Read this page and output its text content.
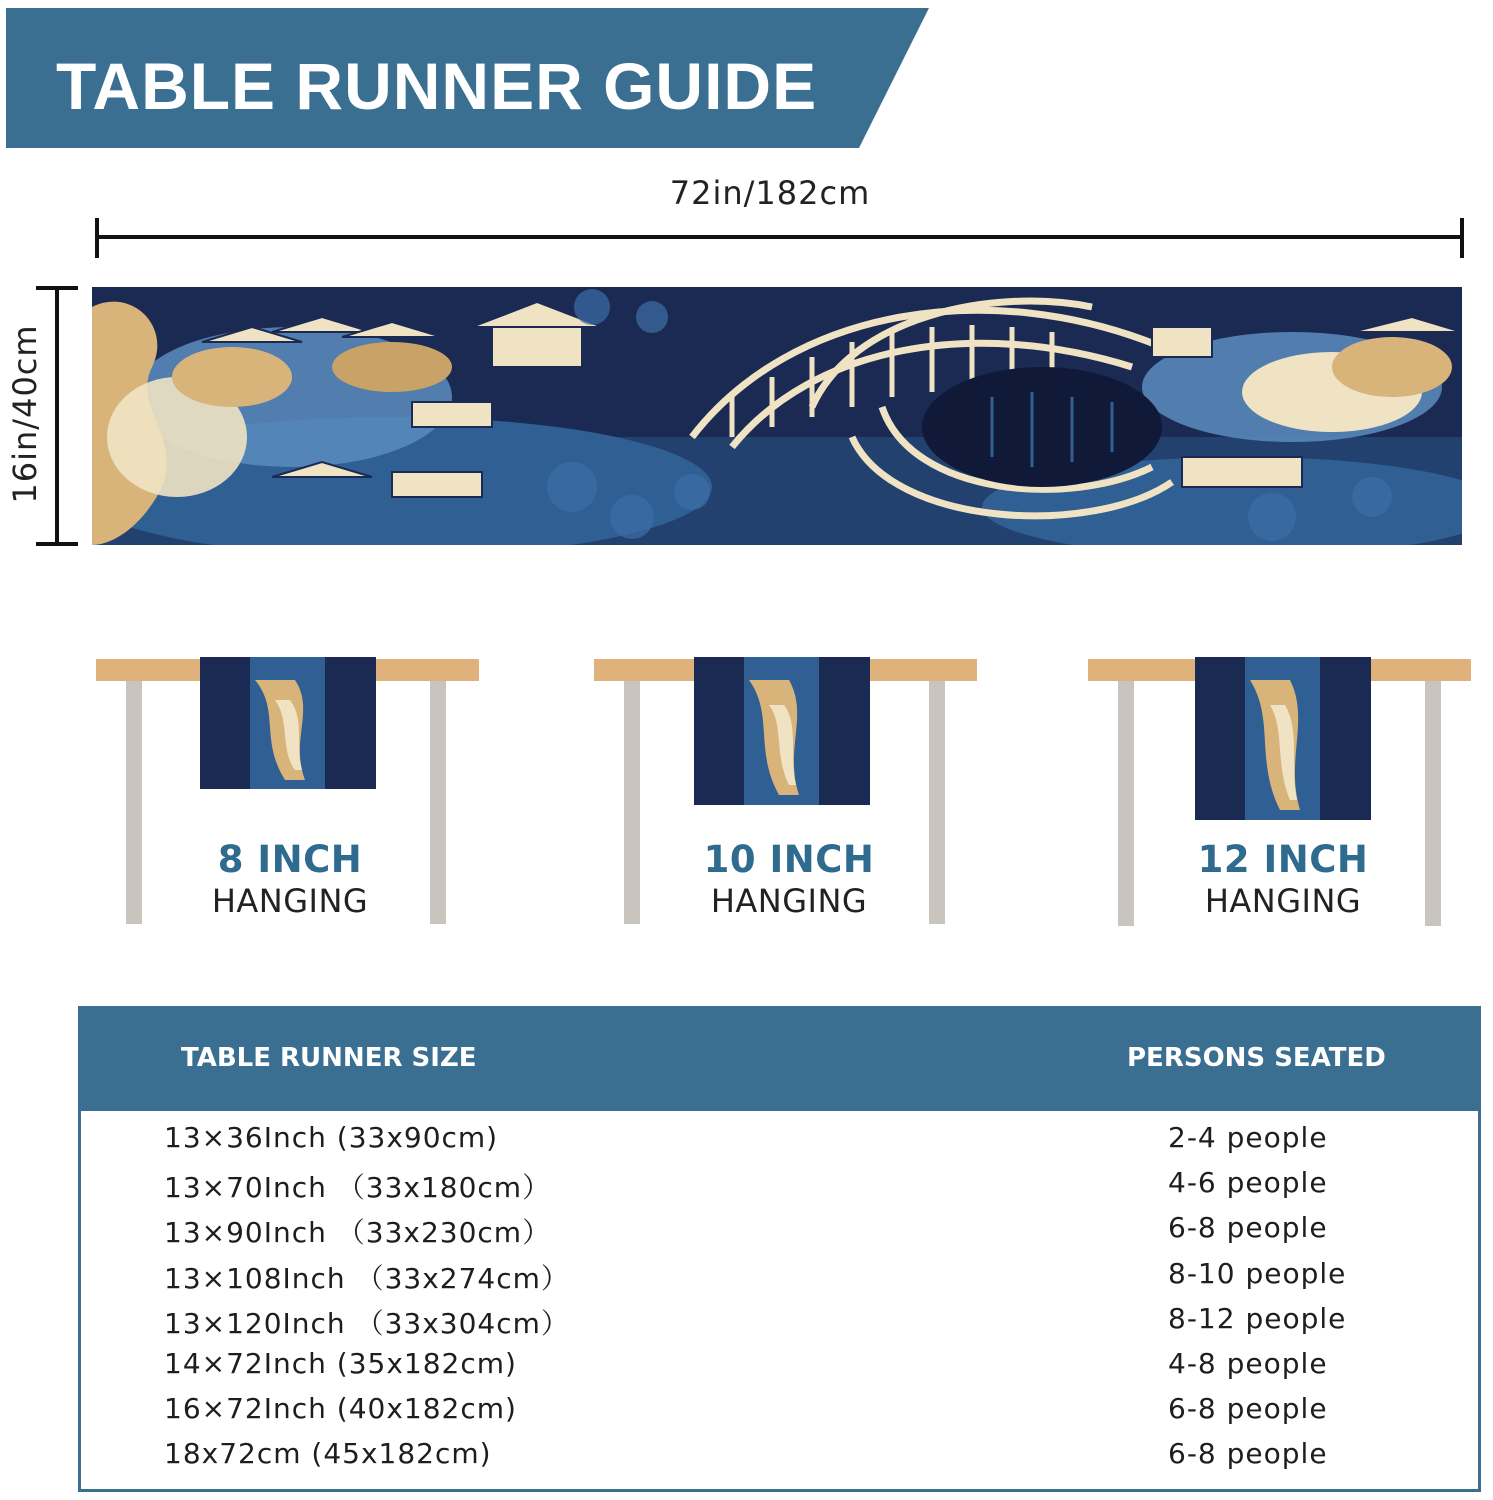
TABLE RUNNER GUIDE
72in/182cm
16in/40cm
8 INCH
HANGING
10 INCH
HANGING
12 INCH
HANGING
TABLE RUNNER SIZE	PERSONS SEATED
13×36Inch (33x90cm)	2-4 people
13×70Inch （33x180cm）	4-6 people
13×90Inch （33x230cm）	6-8 people
13×108Inch （33x274cm）	8-10 people
13×120Inch （33x304cm）	8-12 people
14×72Inch (35x182cm)	4-8 people
16×72Inch (40x182cm)	6-8 people
18x72cm (45x182cm)	6-8 people
